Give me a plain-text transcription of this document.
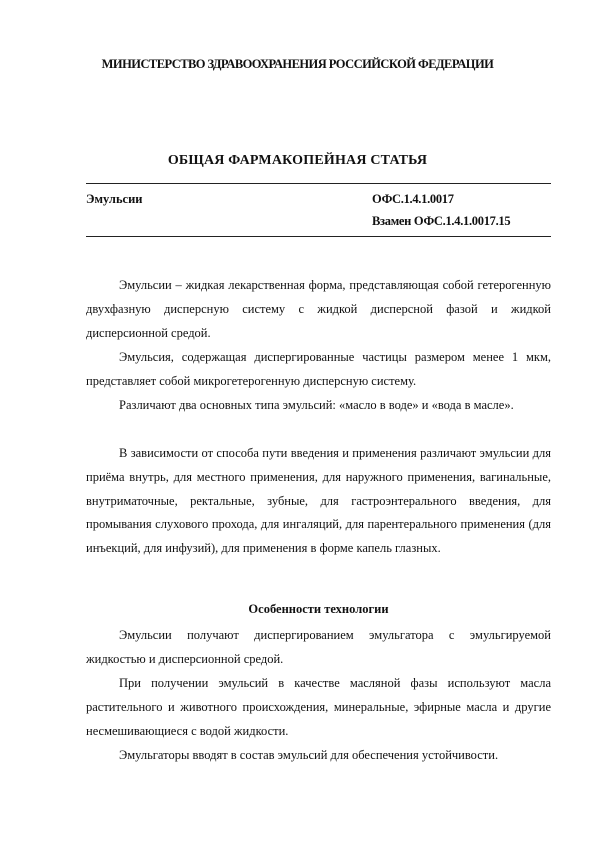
МИНИСТЕРСТВО ЗДРАВООХРАНЕНИЯ РОССИЙСКОЙ ФЕДЕРАЦИИ
ОБЩАЯ ФАРМАКОПЕЙНАЯ СТАТЬЯ
Эмульсии	ОФС.1.4.1.0017
Взамен ОФС.1.4.1.0017.15
Эмульсии – жидкая лекарственная форма, представляющая собой гетерогенную двухфазную дисперсную систему с жидкой дисперсной фазой и жидкой дисперсионной средой.
Эмульсия, содержащая диспергированные частицы размером менее 1 мкм, представляет собой микрогетерогенную дисперсную систему.
Различают два основных типа эмульсий: «масло в воде» и «вода в масле».
В зависимости от способа пути введения и применения различают эмульсии для приёма внутрь, для местного применения, для наружного применения, вагинальные, внутриматочные, ректальные, зубные, для гастроэнтерального введения, для промывания слухового прохода, для ингаляций, для парентерального применения (для инъекций, для инфузий), для применения в форме капель глазных.
Особенности технологии
Эмульсии получают диспергированием эмульгатора с эмульгируемой жидкостью и дисперсионной средой.
При получении эмульсий в качестве масляной фазы используют масла растительного и животного происхождения, минеральные, эфирные масла и другие несмешивающиеся с водой жидкости.
Эмульгаторы вводят в состав эмульсий для обеспечения устойчивости.
